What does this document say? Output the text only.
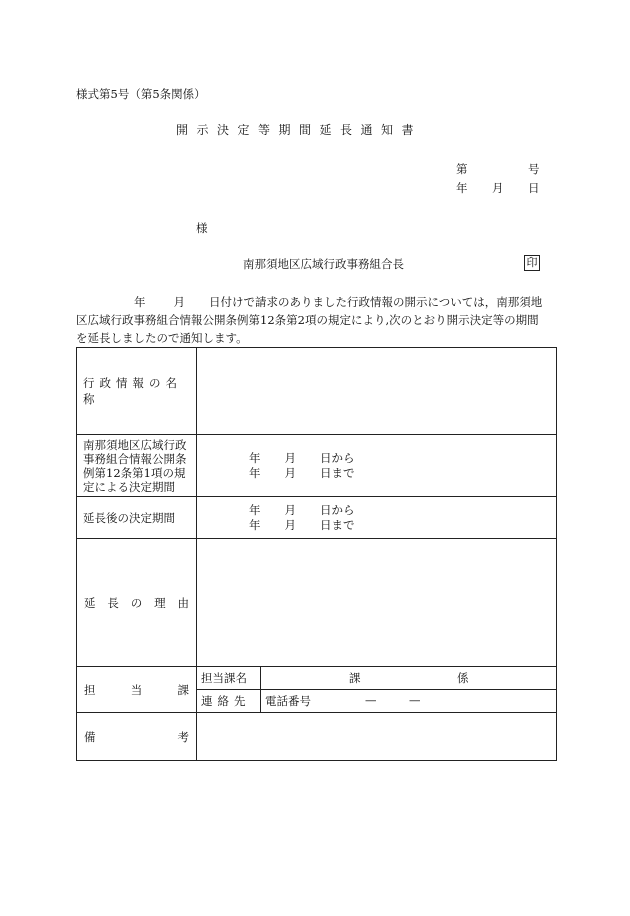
様式第5号（第5条関係）
開示決定等期間延長通知書
第	号
年 月 日
様
南那須地区広域行政事務組合長	印
年 月 日付けで請求のありました行政情報の開示については，南那須地
区広域行政事務組合情報公開条例第12条第2項の規定により,次のとおり開示決定等の期間
を延長しましたので通知します。
行政情報の名称		
南那須地区広域行政事務組合情報公開条例第12条第1項の規定による決定期間	年 月 日から
年 月 日まで	

延長後の決定期間	年 月 日から
年 月 日まで	

延 長 の 理 由		

担 当 課	担当課名	課 係

	連絡先	電話番号 — —

備 考		
